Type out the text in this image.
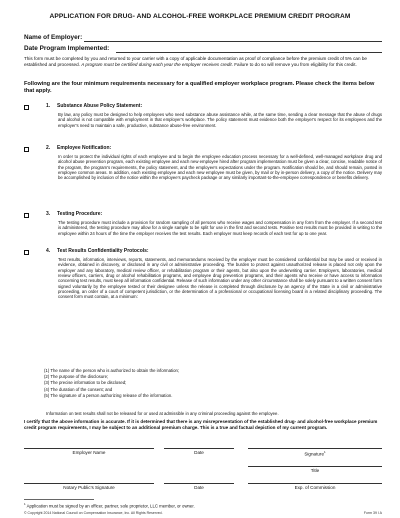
APPLICATION FOR DRUG- AND ALCOHOL-FREE WORKPLACE PREMIUM CREDIT PROGRAM
Name of Employer:
Date Program Implemented:
This form must be completed by you and returned to your carrier with a copy of applicable documentation as proof of compliance before the premium credit of 5% can be established and processed. A program must be certified during each year the employer receives credit. Failure to do so will remove you from eligibility for this credit.
Following are the four minimum requirements necessary for a qualified employer workplace program. Please check the items below that apply.
1. Substance Abuse Policy Statement:
By law, any policy must be designed to help employees who need substance abuse assistance while, at the same time, sending a clear message that the abuse of drugs and alcohol is not compatible with employment in that employer's workplace. The policy statement must evidence both the employer's respect for its employees and the employer's need to maintain a safe, productive, substance abuse-free environment.
2. Employee Notification:
In order to protect the individual rights of each employee and to begin the employee education process necessary for a well-defined, well-managed workplace drug and alcohol abuse prevention program, each existing employee and each new employee hired after program implementation must be given a clear, concise, readable notice of the program, the program's requirements, the policy statement, and the employee's expectations under the program. Notification should be, and should remain, posted in employee common areas. In addition, each existing employee and each new employee must be given, by mail or by in-person delivery, a copy of the notice. Delivery may be accomplished by inclusion of the notice within the employee's paycheck package or any similarly important-to-the-employee correspondence or benefits delivery.
3. Testing Procedure:
The testing procedure must include a provision for random sampling of all persons who receive wages and compensation in any form from the employer. If a second test is administered, the testing procedure may allow for a single sample to be split for use in the first and second tests. Positive test results must be provided in writing to the employee within 24 hours of the time the employer receives the test results. Each employer must keep records of each test for up to one year.
4. Test Results Confidentiality Protocols:
Test results, information, interviews, reports, statements, and memorandums received by the employer must be considered confidential but may be used or received in evidence, obtained in discovery, or disclosed in any civil or administrative proceeding. The burden to protect against unauthorized release is placed not only upon the employer and any laboratory, medical review officer, or rehabilitation program or their agents, but also upon the underwriting carrier. Employers, laboratories, medical review officers, carriers, drug or alcohol rehabilitation programs, and employee drug prevention programs, and their agents who receive or have access to information concerning test results, must keep all information confidential. Release of such information under any other circumstance shall be solely pursuant to a written consent form signed voluntarily by the employee tested or their designee unless the release is completed through disclosure by an agency of the State in a civil or administrative proceeding, an order of a court of competent jurisdiction, or the determination of a professional or occupational licensing board in a related disciplinary proceeding. The consent form must contain, at a minimum:
(1) The name of the person who is authorized to obtain the information;
(2) The purpose of the disclosure;
(3) The precise information to be disclosed;
(4) The duration of the consent; and
(5) The signature of a person authorizing release of the information.
Information on test results shall not be released for or used at admissible in any criminal proceeding against the employee.
I certify that the above information is accurate. If it is determined that there is any misrepresentation of the established drug- and alcohol-free workplace premium credit program requirements, I may be subject to an additional premium charge. This is a true and factual depiction of my current program.
Employer Name	Date	Signature$^1$
Title
Notary Public's Signature	Date	Exp. of Commission
$^1$ Application must be signed by an officer, partner, sole proprietor, LLC member, or owner.
© Copyright 2014 National Council on Compensation Insurance, Inc. All Rights Reserved.	Form 39 I A
